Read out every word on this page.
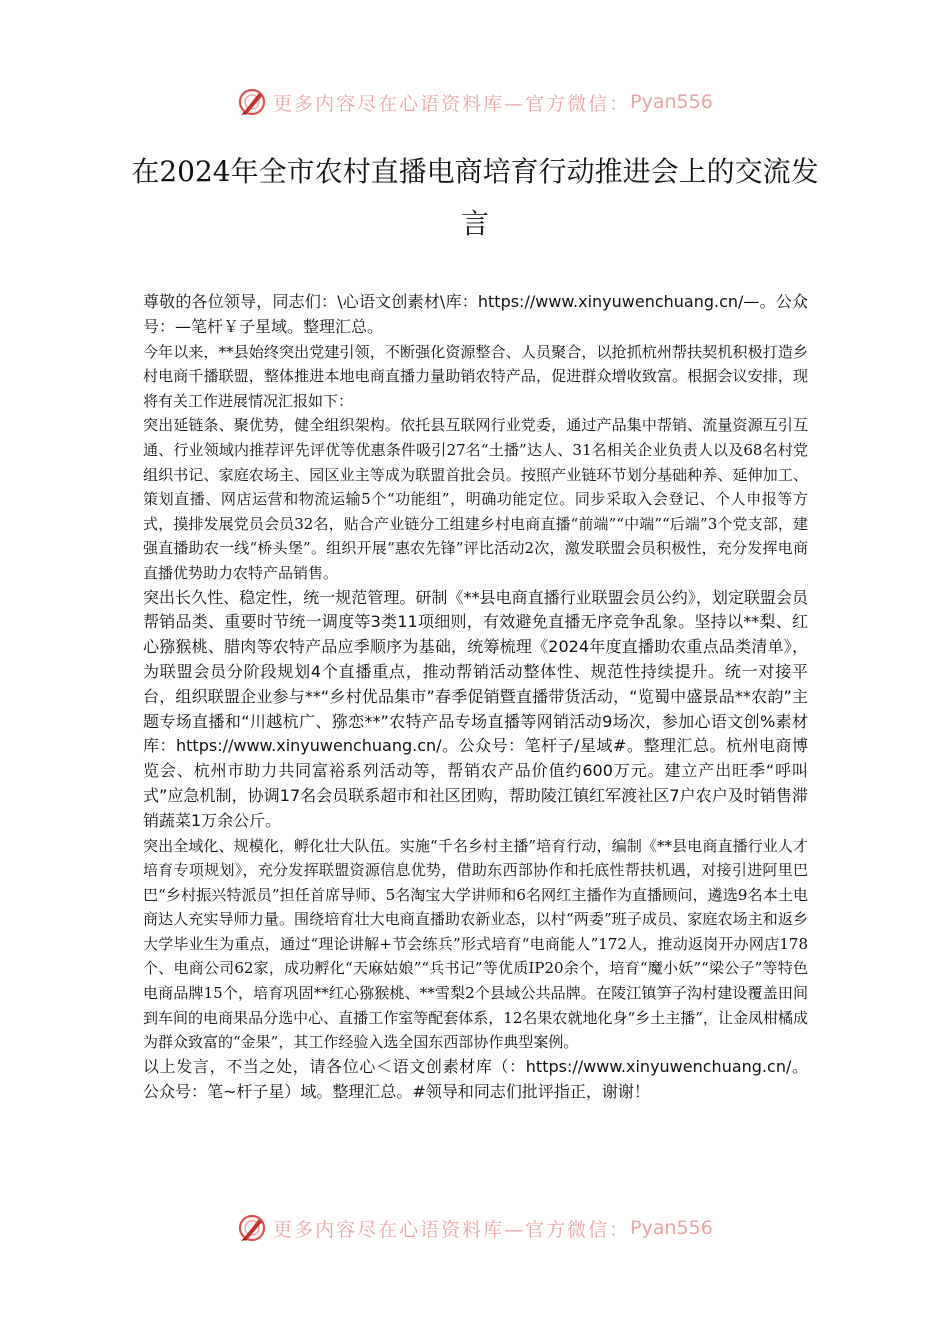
更多内容尽在心语资料库—官方微信： Pyan556
在2024年全市农村直播电商培育行动推进会上的交流发言

尊敬的各位领导，同志们：\心语文创素材\库：https://www.xinyuwenchuang.cn/—。公众号：—笔杆￥子星域。整理汇总。

今年以来，**县始终突出党建引领，不断强化资源整合、人员聚合，以抢抓杭州帮扶契机积极打造乡村电商千播联盟，整体推进本地电商直播力量助销农特产品，促进群众增收致富。根据会议安排，现将有关工作进展情况汇报如下：

突出延链条、聚优势，健全组织架构。依托县互联网行业党委，通过产品集中帮销、流量资源互引互通、行业领域内推荐评先评优等优惠条件吸引27名“土播”达人、31名相关企业负责人以及68名村党组织书记、家庭农场主、园区业主等成为联盟首批会员。按照产业链环节划分基础种养、延伸加工、策划直播、网店运营和物流运输5个“功能组”，明确功能定位。同步采取入会登记、个人申报等方式，摸排发展党员会员32名，贴合产业链分工组建乡村电商直播“前端”“中端”“后端”3个党支部，建强直播助农一线“桥头堡”。组织开展“惠农先锋”评比活动2次，激发联盟会员积极性，充分发挥电商直播优势助力农特产品销售。

突出长久性、稳定性，统一规范管理。研制《**县电商直播行业联盟会员公约》，划定联盟会员帮销品类、重要时节统一调度等3类11项细则，有效避免直播无序竞争乱象。坚持以**梨、红心猕猴桃、腊肉等农特产品应季顺序为基础，统筹梳理《2024年度直播助农重点品类清单》，为联盟会员分阶段规划4个直播重点，推动帮销活动整体性、规范性持续提升。统一对接平台，组织联盟企业参与**“乡村优品集市”春季促销暨直播带货活动，“览蜀中盛景品**农韵”主题专场直播和“川越杭广、猕恋**”农特产品专场直播等网销活动9场次，参加心语文创%素材库：https://www.xinyuwenchuang.cn/。公众号：笔杆子/星域#。整理汇总。杭州电商博览会、杭州市助力共同富裕系列活动等，帮销农产品价值约600万元。建立产出旺季“呼叫式”应急机制，协调17名会员联系超市和社区团购，帮助陵江镇红军渡社区7户农户及时销售滞销蔬菜1万余公斤。

突出全域化、规模化，孵化壮大队伍。实施“千名乡村主播”培育行动，编制《**县电商直播行业人才培育专项规划》，充分发挥联盟资源信息优势，借助东西部协作和托底性帮扶机遇，对接引进阿里巴巴“乡村振兴特派员”担任首席导师、5名淘宝大学讲师和6名网红主播作为直播顾问，遴选9名本土电商达人充实导师力量。围绕培育壮大电商直播助农新业态，以村“两委”班子成员、家庭农场主和返乡大学毕业生为重点，通过“理论讲解+节会练兵”形式培育“电商能人”172人，推动返岗开办网店178个、电商公司62家，成功孵化“天麻姑娘”“兵书记”等优质IP20余个，培育“魔小妖”“梁公子”等特色电商品牌15个，培育巩固**红心猕猴桃、**雪梨2个县域公共品牌。在陵江镇笋子沟村建设覆盖田间到车间的电商果品分选中心、直播工作室等配套体系，12名果农就地化身“乡土主播”，让金凤柑橘成为群众致富的“金果”，其工作经验入选全国东西部协作典型案例。

以上发言，不当之处，请各位心＜语文创素材库（：https://www.xinyuwenchuang.cn/。公众号：笔~杆子星）域。整理汇总。#领导和同志们批评指正，谢谢！

更多内容尽在心语资料库—官方微信： Pyan556
